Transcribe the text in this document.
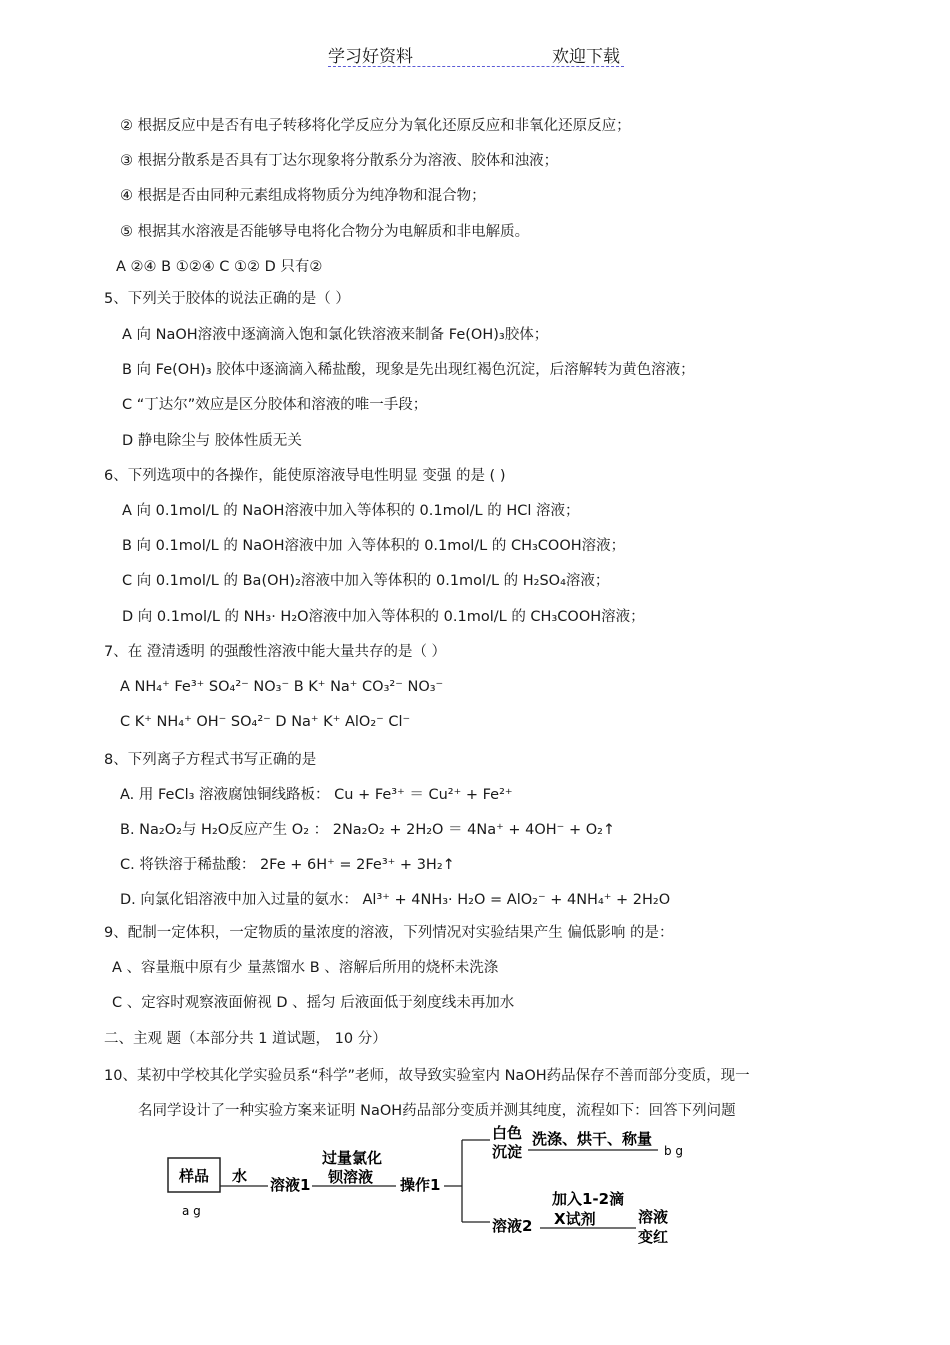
学习好资料	欢迎下载
② 根据反应中是否有电子转移将化学反应分为氧化还原反应和非氧化还原反应；
③ 根据分散系是否具有丁达尔现象将分散系分为溶液、胶体和浊液；
④ 根据是否由同种元素组成将物质分为纯净物和混合物；
⑤ 根据其水溶液是否能够导电将化合物分为电解质和非电解质。
A ②④ B ①②④ C ①② D 只有②
5、下列关于胶体的说法正确的是（ ）
A 向 NaOH溶液中逐滴滴入饱和氯化铁溶液来制备 Fe(OH)₃胶体；
B 向 Fe(OH)₃ 胶体中逐滴滴入稀盐酸，现象是先出现红褐色沉淀，后溶解转为黄色溶液；
C “丁达尔”效应是区分胶体和溶液的唯一手段；
D 静电除尘与 胶体性质无关
6、下列选项中的各操作，能使原溶液导电性明显 变强 的是 ( )
A 向 0.1mol/L 的 NaOH溶液中加入等体积的 0.1mol/L 的 HCl 溶液；
B 向 0.1mol/L 的 NaOH溶液中加 入等体积的 0.1mol/L 的 CH₃COOH溶液；
C 向 0.1mol/L 的 Ba(OH)₂溶液中加入等体积的 0.1mol/L 的 H₂SO₄溶液；
D 向 0.1mol/L 的 NH₃· H₂O溶液中加入等体积的 0.1mol/L 的 CH₃COOH溶液；
7、在 澄清透明 的强酸性溶液中能大量共存的是（ ）
A NH₄⁺ Fe³⁺ SO₄²⁻ NO₃⁻ B K⁺ Na⁺ CO₃²⁻ NO₃⁻
C K⁺ NH₄⁺ OH⁻ SO₄²⁻ D Na⁺ K⁺ AlO₂⁻ Cl⁻
8、下列离子方程式书写正确的是
A. 用 FeCl₃ 溶液腐蚀铜线路板： Cu + Fe³⁺ ＝ Cu²⁺ + Fe²⁺
B. Na₂O₂与 H₂O反应产生 O₂ ： 2Na₂O₂ + 2H₂O ＝ 4Na⁺ + 4OH⁻ + O₂↑
C. 将铁溶于稀盐酸： 2Fe + 6H⁺ = 2Fe³⁺ + 3H₂↑
D. 向氯化铝溶液中加入过量的氨水： Al³⁺ + 4NH₃· H₂O = AlO₂⁻ + 4NH₄⁺ + 2H₂O
9、配制一定体积，一定物质的量浓度的溶液，下列情况对实验结果产生 偏低影响 的是：
A 、容量瓶中原有少 量蒸馏水 B 、溶解后所用的烧杯未洗涤
C 、定容时观察液面俯视 D 、摇匀 后液面低于刻度线未再加水
二、主观 题（本部分共 1 道试题， 10 分）
10、某初中学校其化学实验员系“科学”老师，故导致实验室内 NaOH药品保存不善而部分变质，现一
名同学设计了一种实验方案来证明 NaOH药品部分变质并测其纯度，流程如下：回答下列问题
样品
a g
水 溶液1
过量氯化
钡溶液 操作1
白色
沉淀
洗涤、烘干、称量
b g
溶液2
加入1-2滴
X试剂	溶液
变红
